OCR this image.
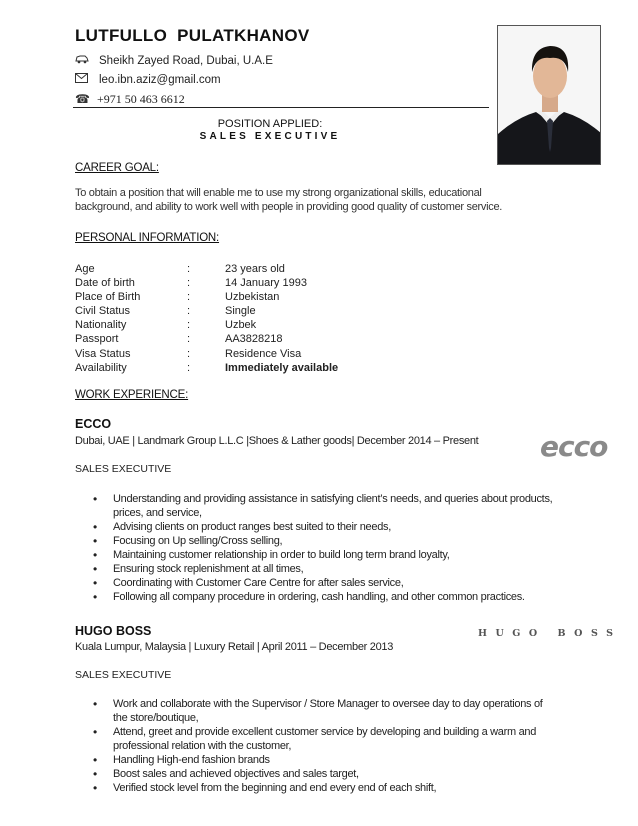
LUTFULLO PULATKHANOV
Sheikh Zayed Road, Dubai, U.A.E
leo.ibn.aziz@gmail.com
☎ +971 50 463 6612
POSITION APPLIED:
SALES EXECUTIVE
CAREER GOAL:
To obtain a position that will enable me to use my strong organizational skills, educational
background, and ability to work well with people in providing good quality of customer service.
PERSONAL INFORMATION:
Age	:	23 years old
Date of birth	:	14 January 1993
Place of Birth	:	Uzbekistan
Civil Status	:	Single
Nationality	:	Uzbek
Passport	:	AA3828218
Visa Status	:	Residence Visa
Availability	:	Immediately available
WORK EXPERIENCE:
ECCO
Dubai, UAE | Landmark Group L.L.C |Shoes & Lather goods| December 2014 – Present ecco
SALES EXECUTIVE
• Understanding and providing assistance in satisfying client’s needs, and queries about products,
prices, and service,
• Advising clients on product ranges best suited to their needs,
• Focusing on Up selling/Cross selling,
• Maintaining customer relationship in order to build long term brand loyalty,
• Ensuring stock replenishment at all times,
• Coordinating with Customer Care Centre for after sales service,
• Following all company procedure in ordering, cash handling, and other common practices.
HUGO BOSS
Kuala Lumpur, Malaysia | Luxury Retail | April 2011 – December 2013
HUGO BOSS
SALES EXECUTIVE
• Work and collaborate with the Supervisor / Store Manager to oversee day to day operations of
the store/boutique,
• Attend, greet and provide excellent customer service by developing and building a warm and
professional relation with the customer,
• Handling High-end fashion brands
• Boost sales and achieved objectives and sales target,
• Verified stock level from the beginning and end every end of each shift,
